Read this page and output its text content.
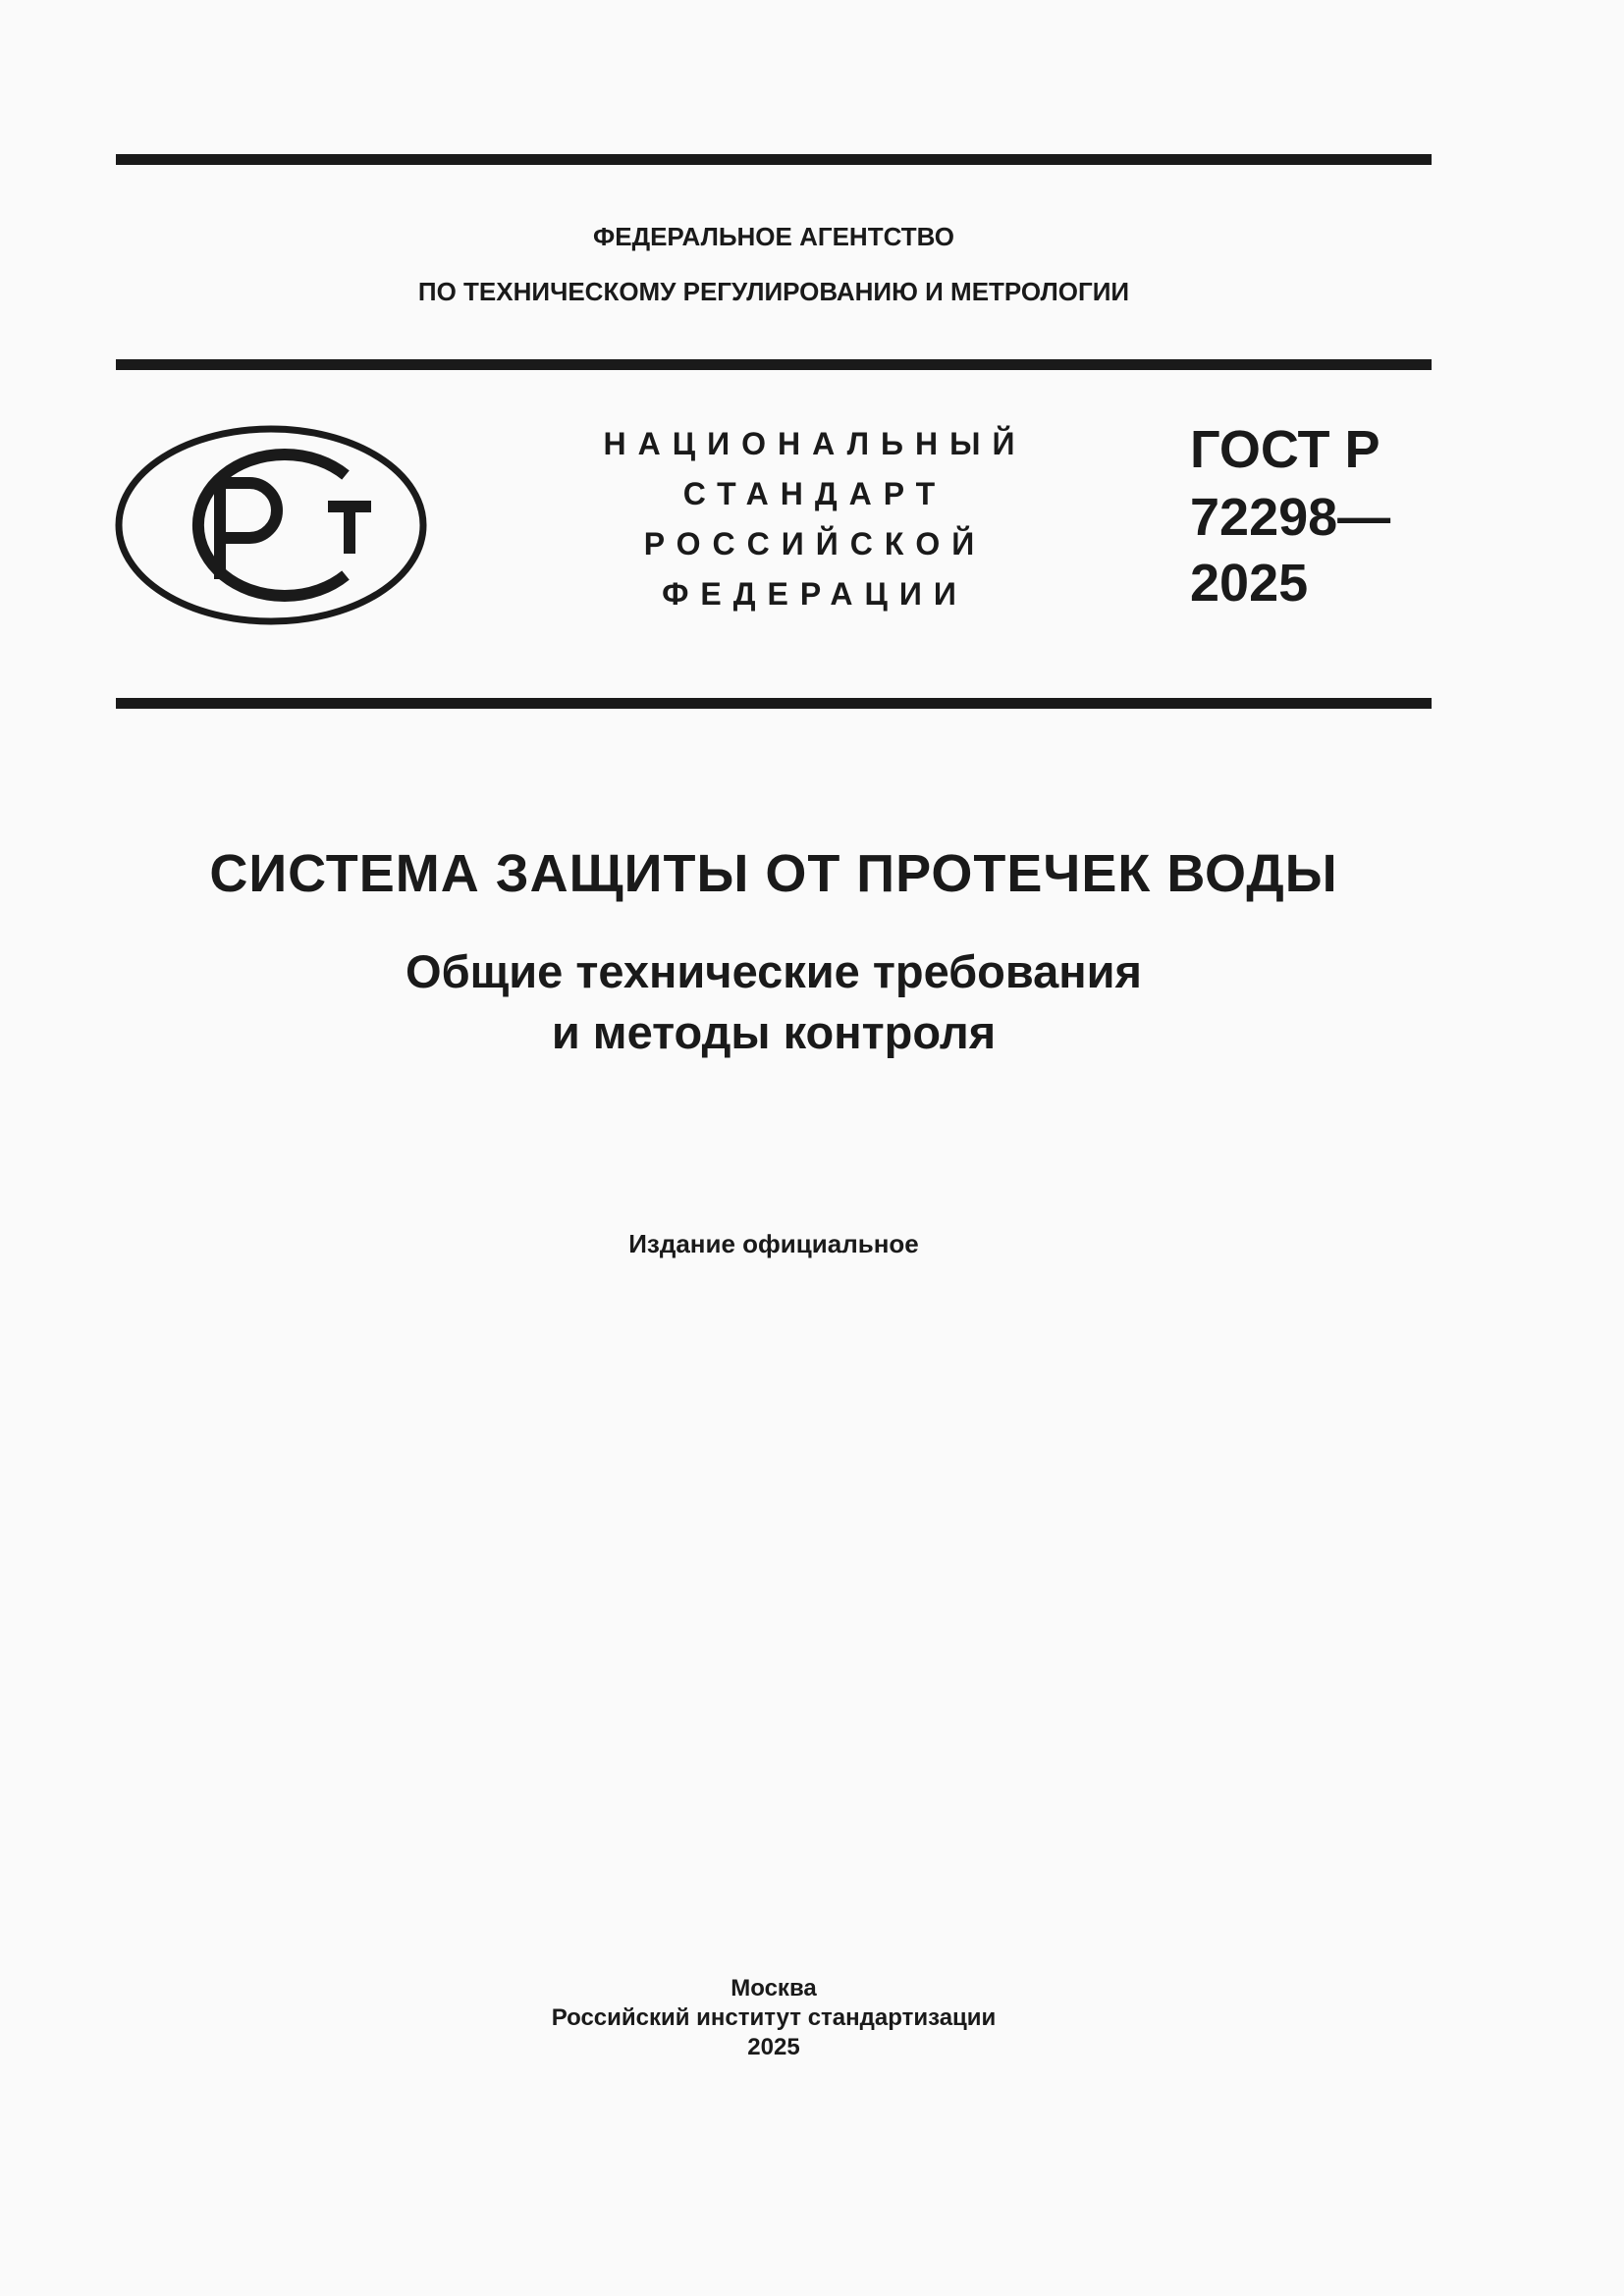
ФЕДЕРАЛЬНОЕ АГЕНТСТВО
ПО ТЕХНИЧЕСКОМУ РЕГУЛИРОВАНИЮ И МЕТРОЛОГИИ
НАЦИОНАЛЬНЫЙ
СТАНДАРТ
РОССИЙСКОЙ
ФЕДЕРАЦИИ
ГОСТ Р
72298—
2025
СИСТЕМА ЗАЩИТЫ ОТ ПРОТЕЧЕК ВОДЫ
Общие технические требования
и методы контроля
Издание официальное
Москва
Российский институт стандартизации
2025
